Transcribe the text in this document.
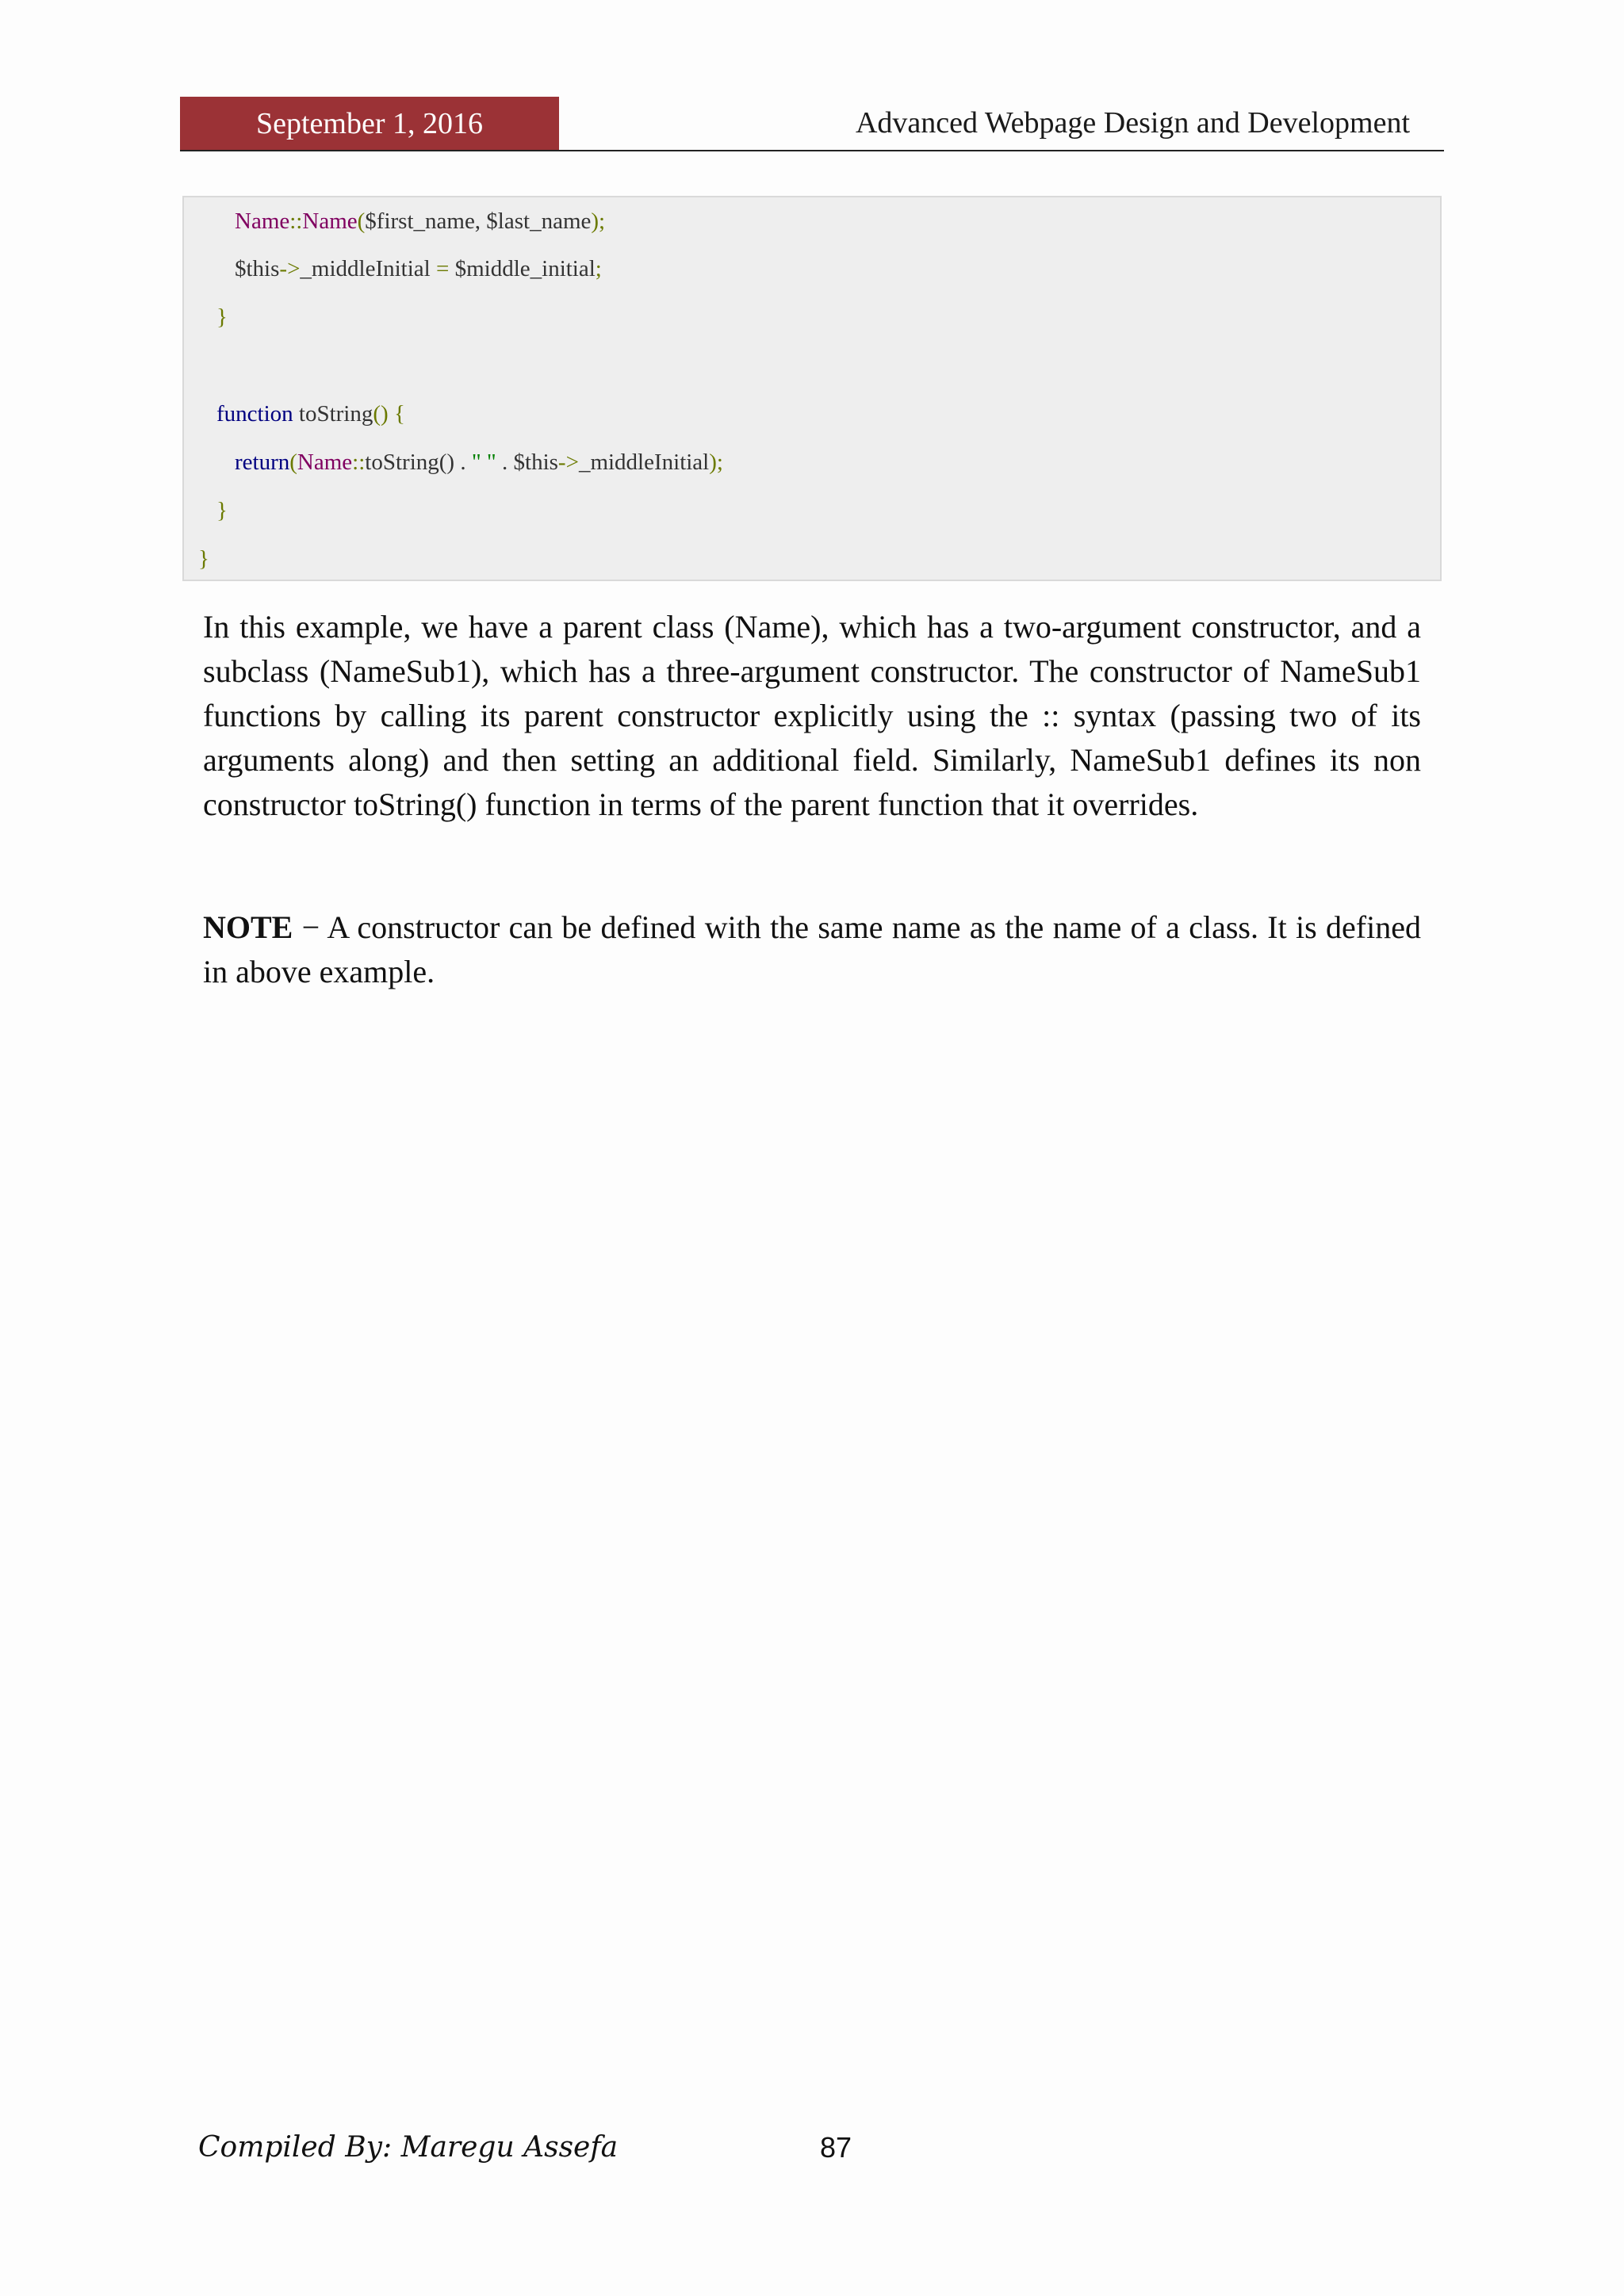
September 1, 2016	Advanced Webpage Design and Development
Name::Name($first_name, $last_name);
$this->_middleInitial = $middle_initial;
}
function toString() {
return(Name::toString() . " " . $this->_middleInitial);
}
}
In this example, we have a parent class (Name), which has a two-argument constructor, and a subclass (NameSub1), which has a three-argument constructor. The constructor of NameSub1 functions by calling its parent constructor explicitly using the :: syntax (passing two of its arguments along) and then setting an additional field. Similarly, NameSub1 defines its non constructor toString() function in terms of the parent function that it overrides.
NOTE − A constructor can be defined with the same name as the name of a class. It is defined in above example.
Compiled By: Maregu Assefa	87
